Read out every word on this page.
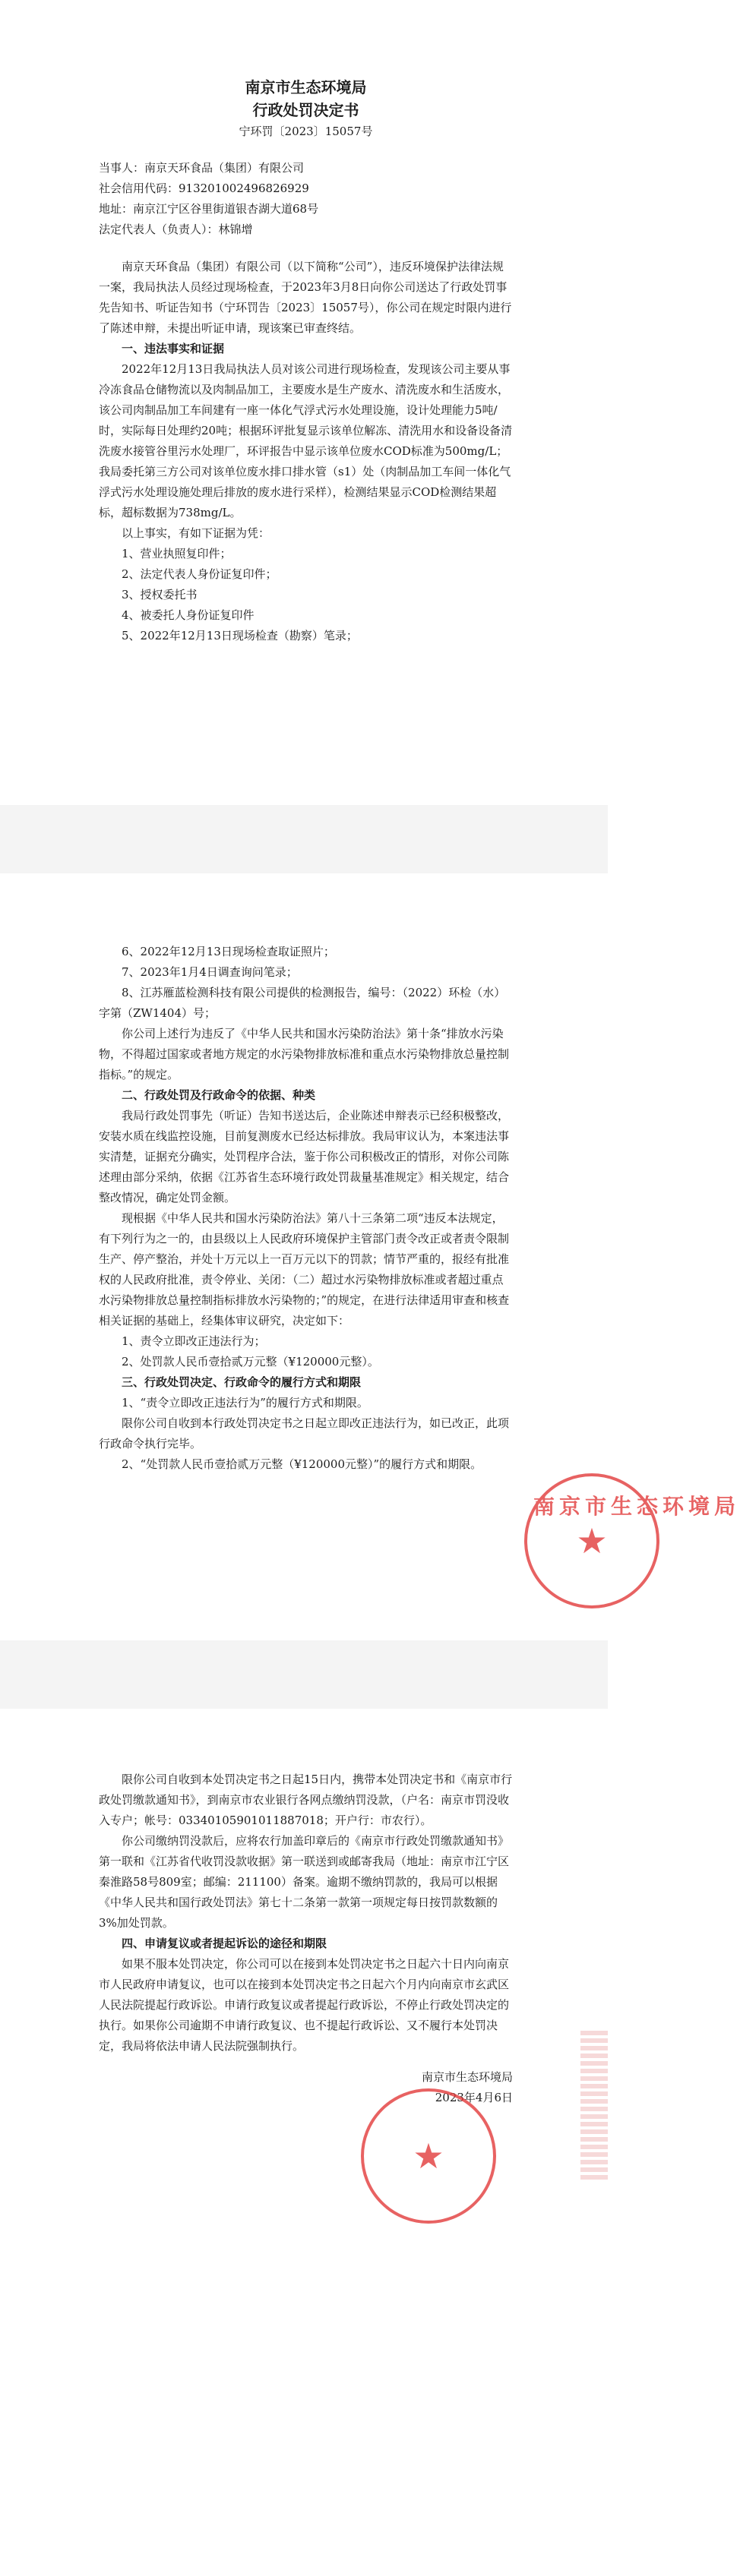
南京市生态环境局
行政处罚决定书
宁环罚〔2023〕15057号

当事人：南京天环食品（集团）有限公司

社会信用代码：913201002496826929

地址：南京江宁区谷里街道银杏湖大道68号

法定代表人（负责人）：林锦增

南京天环食品（集团）有限公司（以下简称“公司”），违反环境保护法律法规一案，我局执法人员经过现场检查，于2023年3月8日向你公司送达了行政处罚事先告知书、听证告知书（宁环罚告〔2023〕15057号），你公司在规定时限内进行了陈述申辩，未提出听证申请，现该案已审查终结。

一、违法事实和证据

2022年12月13日我局执法人员对该公司进行现场检查，发现该公司主要从事冷冻食品仓储物流以及肉制品加工，主要废水是生产废水、清洗废水和生活废水，该公司肉制品加工车间建有一座一体化气浮式污水处理设施，设计处理能力5吨/时，实际每日处理约20吨；根据环评批复显示该单位解冻、清洗用水和设备设备清洗废水接管谷里污水处理厂，环评报告中显示该单位废水COD标准为500mg/L；我局委托第三方公司对该单位废水排口排水管（s1）处（肉制品加工车间一体化气浮式污水处理设施处理后排放的废水进行采样），检测结果显示COD检测结果超标，超标数据为738mg/L。

以上事实，有如下证据为凭：

1、营业执照复印件；

2、法定代表人身份证复印件；

3、授权委托书

4、被委托人身份证复印件

5、2022年12月13日现场检查（勘察）笔录；

6、2022年12月13日现场检查取证照片；

7、2023年1月4日调查询问笔录；

8、江苏雁蓝检测科技有限公司提供的检测报告，编号：（2022）环检（水）字第（ZW1404）号；

你公司上述行为违反了《中华人民共和国水污染防治法》第十条“排放水污染物，不得超过国家或者地方规定的水污染物排放标准和重点水污染物排放总量控制指标。”的规定。

二、行政处罚及行政命令的依据、种类

我局行政处罚事先（听证）告知书送达后，企业陈述申辩表示已经积极整改，安装水质在线监控设施，目前复测废水已经达标排放。我局审议认为，本案违法事实清楚，证据充分确实，处罚程序合法，鉴于你公司积极改正的情形，对你公司陈述理由部分采纳，依据《江苏省生态环境行政处罚裁量基准规定》相关规定，结合整改情况，确定处罚金额。

现根据《中华人民共和国水污染防治法》第八十三条第二项“违反本法规定，有下列行为之一的，由县级以上人民政府环境保护主管部门责令改正或者责令限制生产、停产整治，并处十万元以上一百万元以下的罚款；情节严重的，报经有批准权的人民政府批准，责令停业、关闭：（二）超过水污染物排放标准或者超过重点水污染物排放总量控制指标排放水污染物的；”的规定，在进行法律适用审查和核查相关证据的基础上，经集体审议研究，决定如下：

1、责令立即改正违法行为；

2、处罚款人民币壹拾贰万元整（¥120000元整）。

三、行政处罚决定、行政命令的履行方式和期限

1、“责令立即改正违法行为”的履行方式和期限。

限你公司自收到本行政处罚决定书之日起立即改正违法行为，如已改正，此项行政命令执行完毕。

2、“处罚款人民币壹拾贰万元整（¥120000元整）”的履行方式和期限。

南京市生态环境局
★

限你公司自收到本处罚决定书之日起15日内，携带本处罚决定书和《南京市行政处罚缴款通知书》，到南京市农业银行各网点缴纳罚没款，（户名：南京市罚没收入专户；帐号：03340105901011887018；开户行：市农行）。

你公司缴纳罚没款后，应将农行加盖印章后的《南京市行政处罚缴款通知书》第一联和《江苏省代收罚没款收据》第一联送到或邮寄我局（地址：南京市江宁区秦淮路58号809室；邮编：211100）备案。逾期不缴纳罚款的，我局可以根据《中华人民共和国行政处罚法》第七十二条第一款第一项规定每日按罚款数额的3%加处罚款。

四、申请复议或者提起诉讼的途径和期限

如果不服本处罚决定，你公司可以在接到本处罚决定书之日起六十日内向南京市人民政府申请复议，也可以在接到本处罚决定书之日起六个月内向南京市玄武区人民法院提起行政诉讼。申请行政复议或者提起行政诉讼，不停止行政处罚决定的执行。如果你公司逾期不申请行政复议、也不提起行政诉讼、又不履行本处罚决定，我局将依法申请人民法院强制执行。

南京市生态环境局

2023年4月6日

★
